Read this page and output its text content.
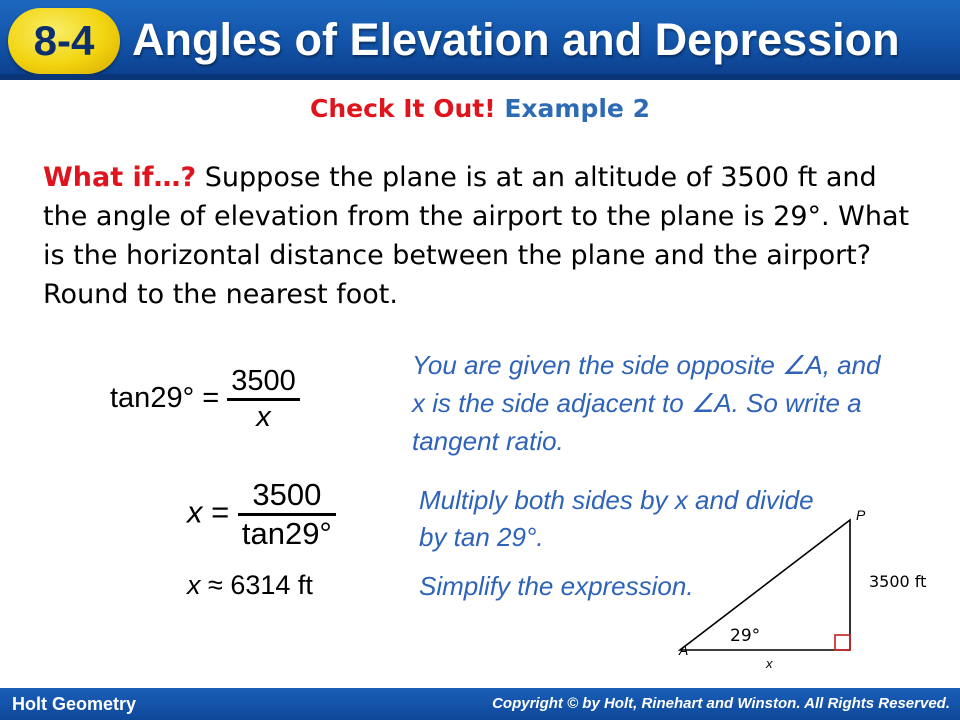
8-4 Angles of Elevation and Depression
Check It Out! Example 2
What if…? Suppose the plane is at an altitude of 3500 ft and the angle of elevation from the airport to the plane is 29°. What is the horizontal distance between the plane and the airport? Round to the nearest foot.
$\tan 29^\circ = \frac{3500}{x}$	You are given the side opposite ∠A, and x is the side adjacent to ∠A. So write a tangent ratio.
$x = \frac{3500}{\tan 29^\circ}$	Multiply both sides by x and divide by tan 29°.
x ≈ 6314 ft	Simplify the expression.
P
A
3500 ft
29°
x
Holt Geometry	Copyright © by Holt, Rinehart and Winston. All Rights Reserved.
